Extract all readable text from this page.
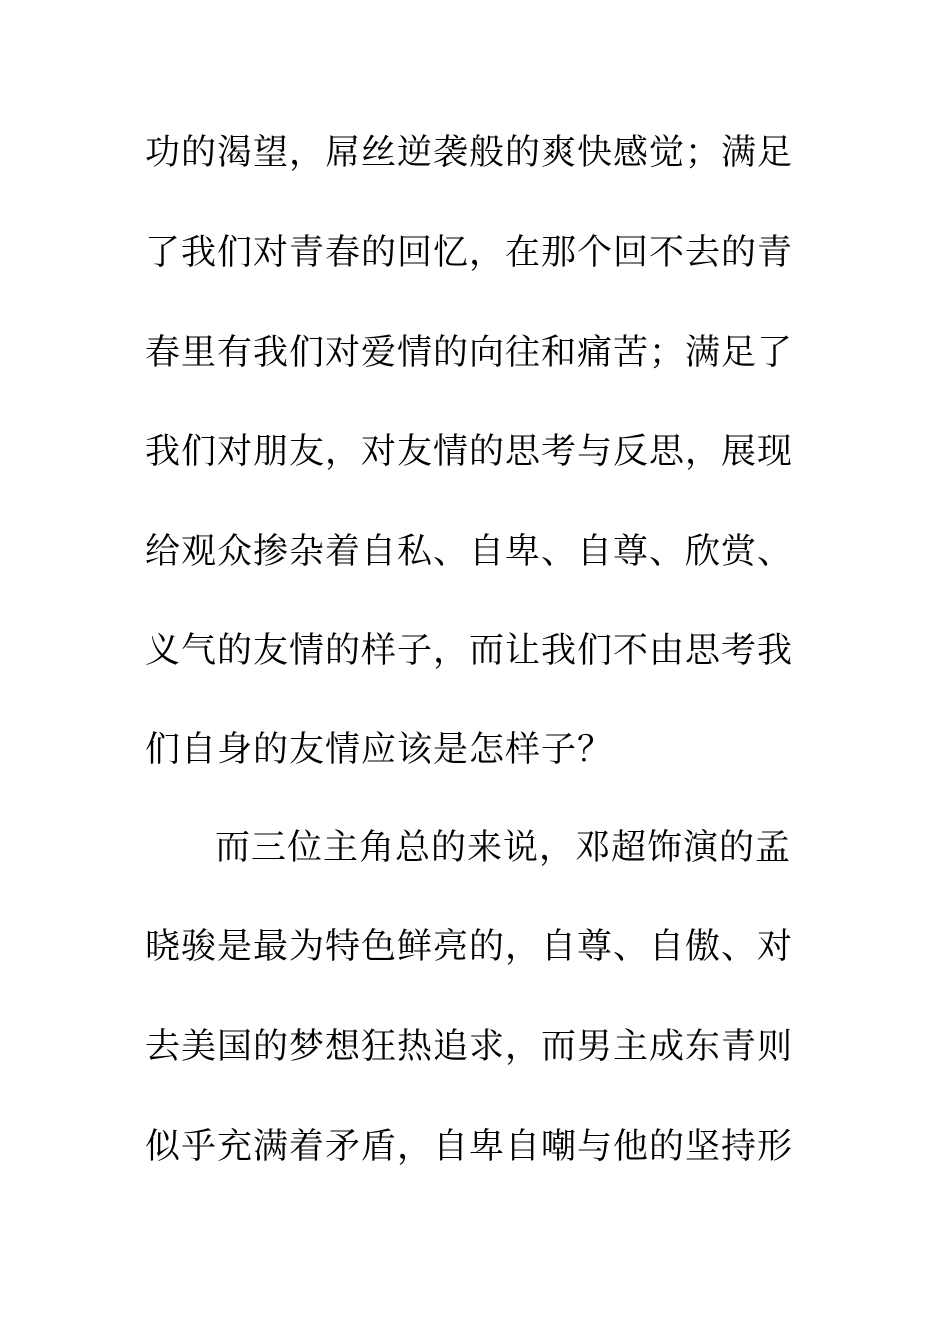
功的渴望，屌丝逆袭般的爽快感觉；满足
了我们对青春的回忆，在那个回不去的青
春里有我们对爱情的向往和痛苦；满足了
我们对朋友，对友情的思考与反思，展现
给观众掺杂着自私、自卑、自尊、欣赏、
义气的友情的样子，而让我们不由思考我
们自身的友情应该是怎样子？
而三位主角总的来说，邓超饰演的孟
晓骏是最为特色鲜亮的，自尊、自傲、对
去美国的梦想狂热追求，而男主成东青则
似乎充满着矛盾，自卑自嘲与他的坚持形
